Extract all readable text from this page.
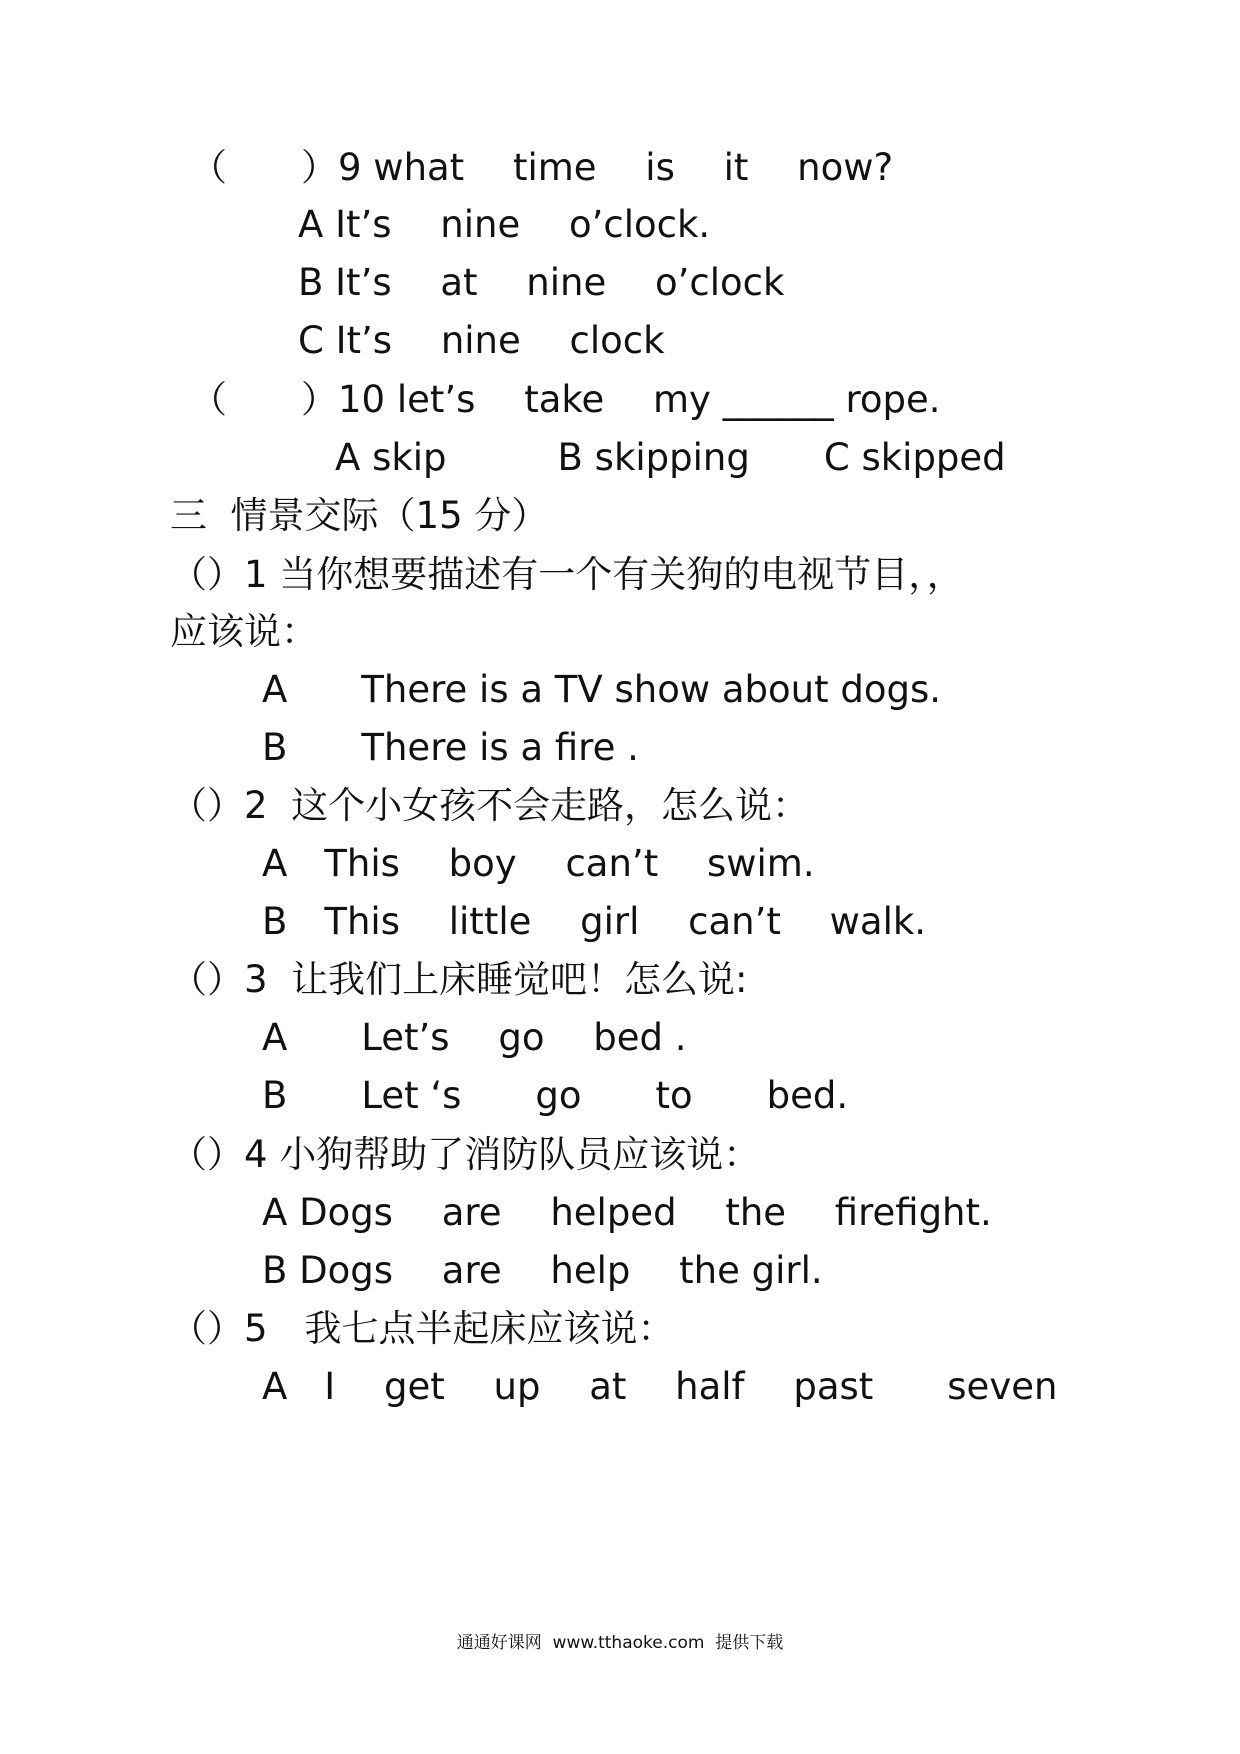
（　　）9 what　 time　 is　 it　 now?
A It’s　 nine　 o’clock.
B It’s　 at　 nine　 o’clock
C It’s　 nine　 clock
（　　）10 let’s　 take　 my ______ rope.
A skip　　　B skipping　　C skipped
三  情景交际（15 分）
（）1 当你想要描述有一个有关狗的电视节目，，
应该说：
A　　There is a TV show about dogs.
B　　There is a fire .
（）2  这个小女孩不会走路，怎么说：
A　This　 boy　 can’t　 swim.
B　This　 little　 girl　 can’t　 walk.
（）3  让我们上床睡觉吧！怎么说:
A　　Let’s　 go　 bed .
B　　Let ‘s　　go　　to　　bed.
（）4 小狗帮助了消防队员应该说：
A Dogs　 are　 helped　 the　 firefight.
B Dogs　 are　 help　 the girl.
（）5　我七点半起床应该说：
A　I　 get　 up　 at　 half　 past　　seven
通通好课网  www.tthaoke.com  提供下载
